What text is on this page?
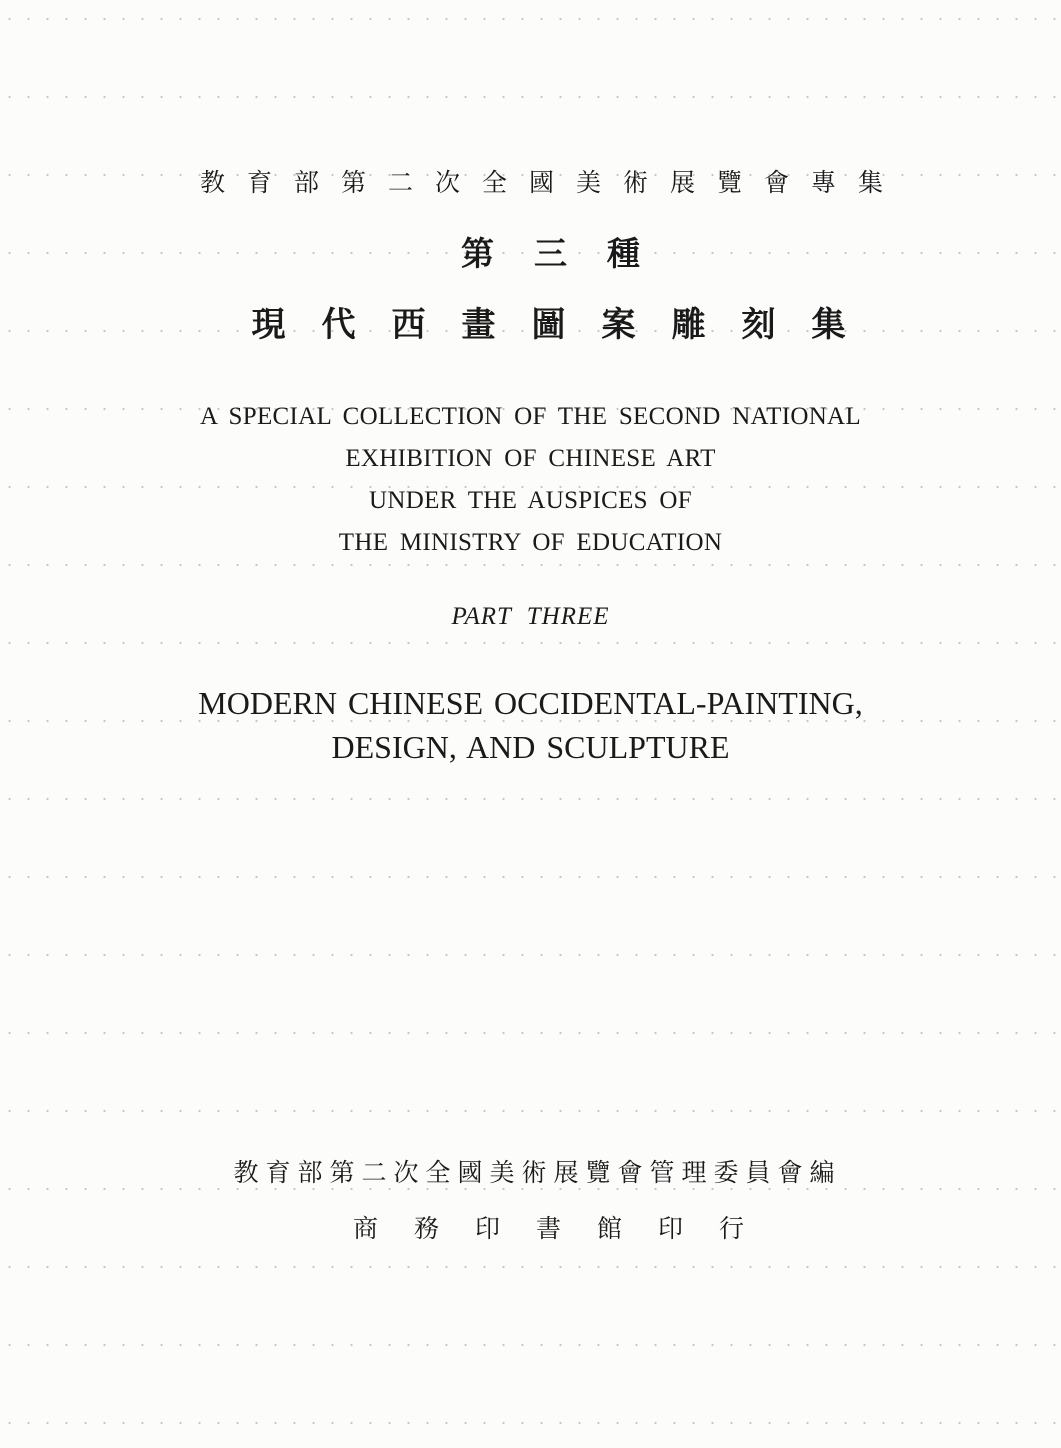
教育部第二次全國美術展覽會專集

第三種

現代西畫圖案雕刻集

A SPECIAL COLLECTION OF THE SECOND NATIONAL
EXHIBITION OF CHINESE ART
UNDER THE AUSPICES OF
THE MINISTRY OF EDUCATION

PART THREE

MODERN CHINESE OCCIDENTAL-PAINTING,
DESIGN, AND SCULPTURE

教育部第二次全國美術展覽會管理委員會編

商務印書館印行
